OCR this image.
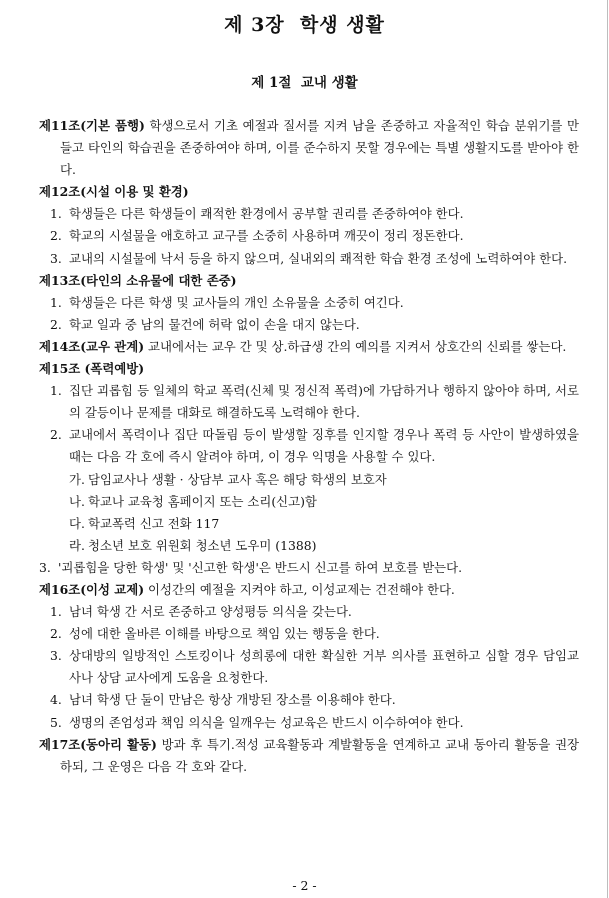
제 3장  학생 생활
제 1절  교내 생활
제11조(기본 품행) 학생으로서 기초 예절과 질서를 지켜 남을 존중하고 자율적인 학습 분위기를 만들고 타인의 학습권을 존중하여야 하며, 이를 준수하지 못할 경우에는 특별 생활지도를 받아야 한다.
제12조(시설 이용 및 환경)
1. 학생들은 다른 학생들이 쾌적한 환경에서 공부할 권리를 존중하여야 한다.
2. 학교의 시설물을 애호하고 교구를 소중히 사용하며 깨끗이 정리 정돈한다.
3. 교내의 시설물에 낙서 등을 하지 않으며, 실내외의 쾌적한 학습 환경 조성에 노력하여야 한다.
제13조(타인의 소유물에 대한 존중)
1. 학생들은 다른 학생 및 교사들의 개인 소유물을 소중히 여긴다.
2. 학교 일과 중 남의 물건에 허락 없이 손을 대지 않는다.
제14조(교우 관계) 교내에서는 교우 간 및 상.하급생 간의 예의를 지켜서 상호간의 신뢰를 쌓는다.
제15조 (폭력예방)
1. 집단 괴롭힘 등 일체의 학교 폭력(신체 및 정신적 폭력)에 가담하거나 행하지 않아야 하며, 서로의 갈등이나 문제를 대화로 해결하도록 노력해야 한다.
2. 교내에서 폭력이나 집단 따돌림 등이 발생할 징후를 인지할 경우나 폭력 등 사안이 발생하였을 때는 다음 각 호에 즉시 알려야 하며, 이 경우 익명을 사용할 수 있다.
가. 담임교사나 생활 · 상담부 교사 혹은 해당 학생의 보호자
나. 학교나 교육청 홈페이지 또는 소리(신고)함
다. 학교폭력 신고 전화 117
라. 청소년 보호 위원회 청소년 도우미 (1388)
3. '괴롭힘을 당한 학생' 및 '신고한 학생'은 반드시 신고를 하여 보호를 받는다.
제16조(이성 교제) 이성간의 예절을 지켜야 하고, 이성교제는 건전해야 한다.
1. 남녀 학생 간 서로 존중하고 양성평등 의식을 갖는다.
2. 성에 대한 올바른 이해를 바탕으로 책임 있는 행동을 한다.
3. 상대방의 일방적인 스토킹이나 성희롱에 대한 확실한 거부 의사를 표현하고 심할 경우 담임교사나 상담 교사에게 도움을 요청한다.
4. 남녀 학생 단 둘이 만남은 항상 개방된 장소를 이용해야 한다.
5. 생명의 존엄성과 책임 의식을 일깨우는 성교육은 반드시 이수하여야 한다.
제17조(동아리 활동) 방과 후 특기.적성 교육활동과 계발활동을 연계하고 교내 동아리 활동을 권장하되, 그 운영은 다음 각 호와 같다.
- 2 -
